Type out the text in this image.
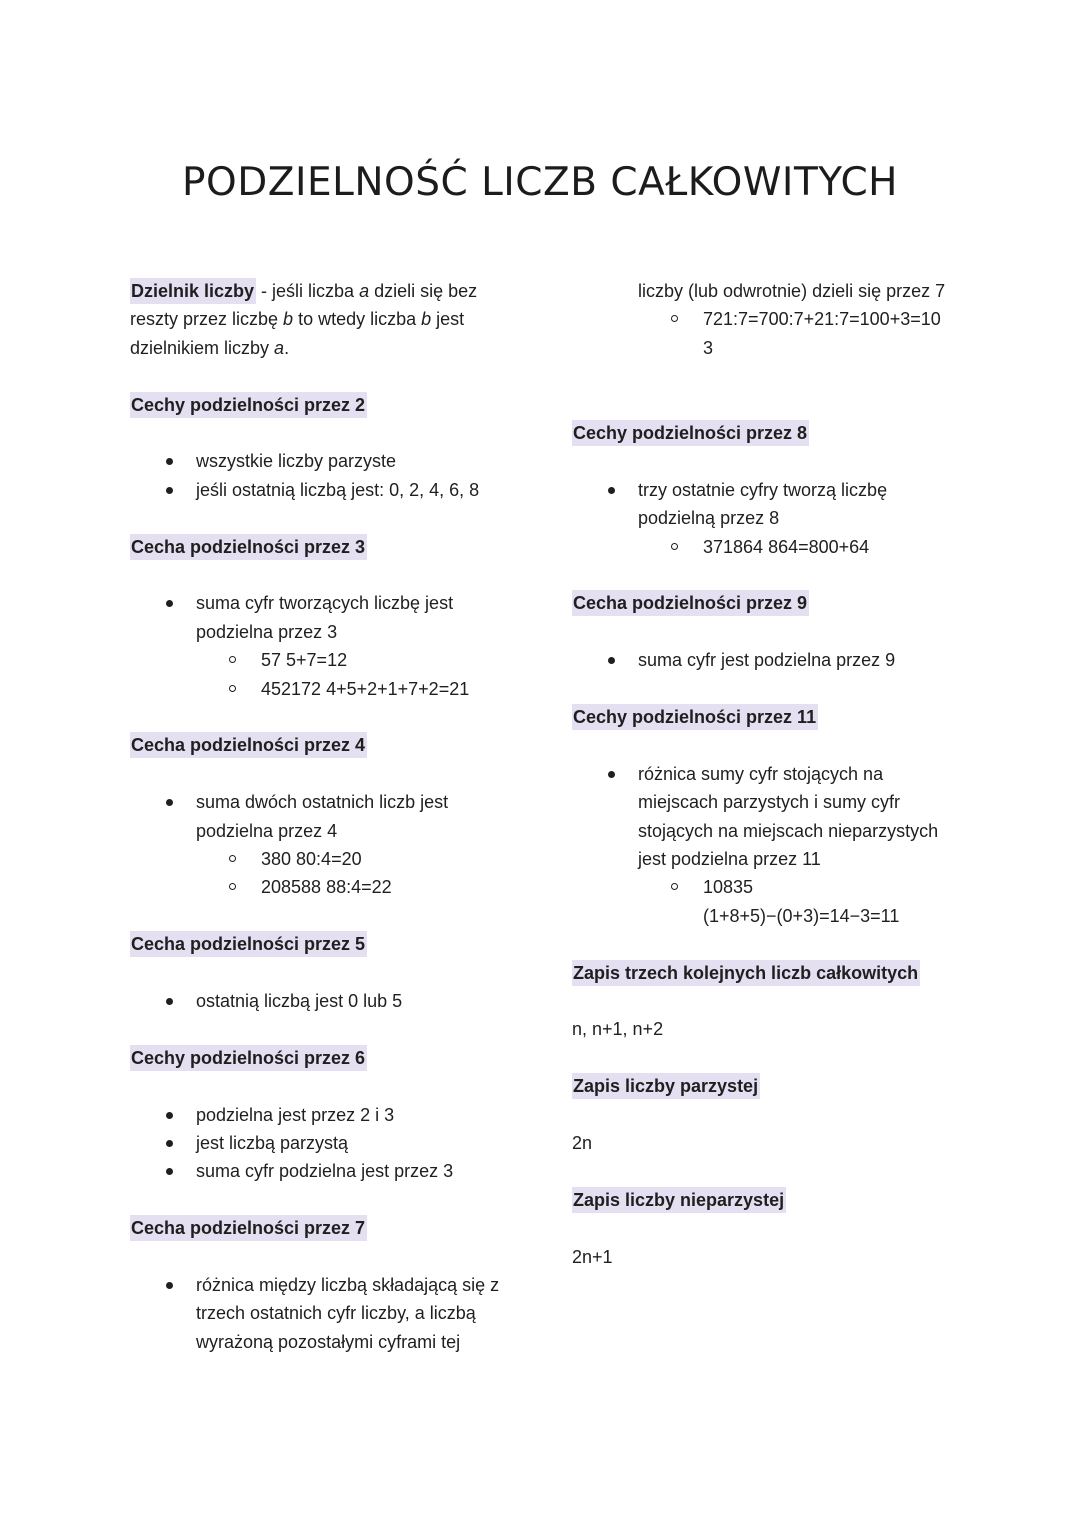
PODZIELNOŚĆ LICZB CAŁKOWITYCH

Dzielnik liczby - jeśli liczba a dzieli się bez reszty przez liczbę b to wtedy liczba b jest dzielnikiem liczby a.

Cechy podzielności przez 2

wszystkie liczby parzyste
jeśli ostatnią liczbą jest: 0, 2, 4, 6, 8

Cecha podzielności przez 3

suma cyfr tworzących liczbę jest podzielna przez 3
57 5+7=12
452172 4+5+2+1+7+2=21

Cecha podzielności przez 4

suma dwóch ostatnich liczb jest podzielna przez 4
380 80:4=20
208588 88:4=22

Cecha podzielności przez 5

ostatnią liczbą jest 0 lub 5

Cechy podzielności przez 6

podzielna jest przez 2 i 3
jest liczbą parzystą
suma cyfr podzielna jest przez 3

Cecha podzielności przez 7

różnica między liczbą składającą się z trzech ostatnich cyfr liczby, a liczbą wyrażoną pozostałymi cyframi tej

liczby (lub odwrotnie) dzieli się przez 7

721:7=700:7+21:7=100+3=103

Cechy podzielności przez 8

trzy ostatnie cyfry tworzą liczbę podzielną przez 8
371864 864=800+64

Cecha podzielności przez 9

suma cyfr jest podzielna przez 9

Cechy podzielności przez 11

różnica sumy cyfr stojących na miejscach parzystych i sumy cyfr stojących na miejscach nieparzystych jest podzielna przez 11
10835
(1+8+5)−(0+3)=14−3=11

Zapis trzech kolejnych liczb całkowitych

n, n+1, n+2

Zapis liczby parzystej

2n

Zapis liczby nieparzystej

2n+1
